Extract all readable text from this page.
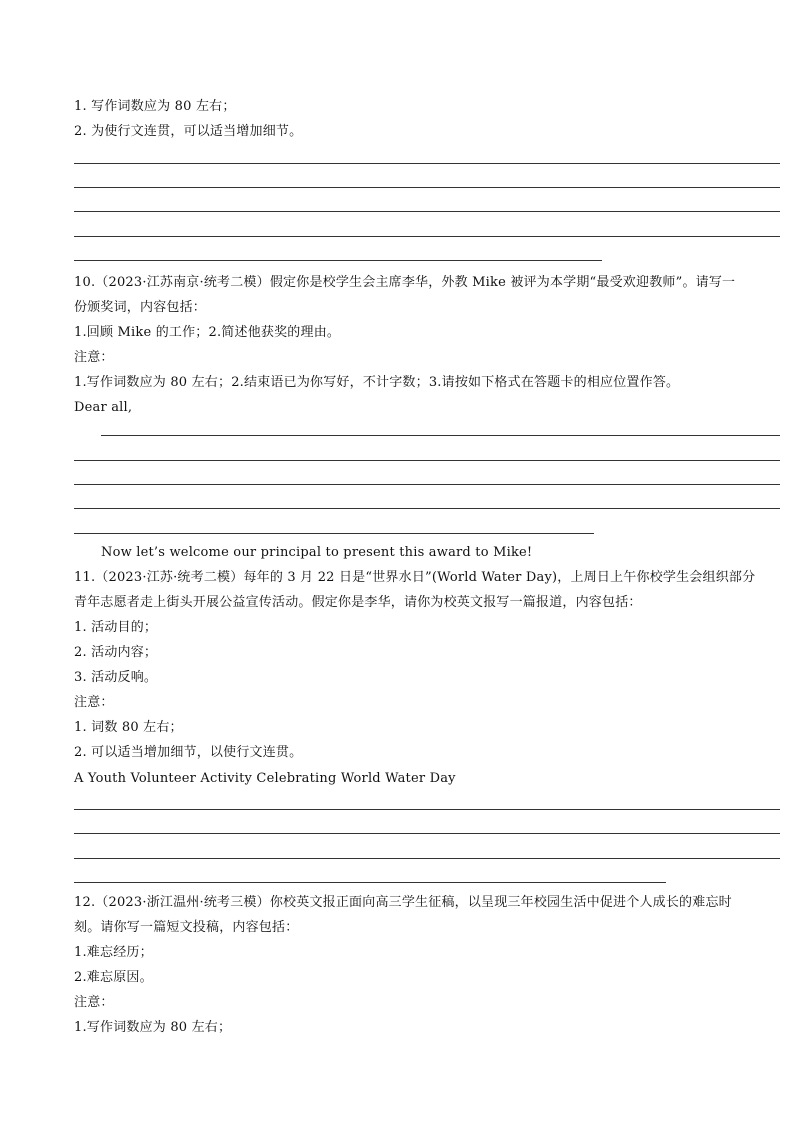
1. 写作词数应为 80 左右；
2. 为使行文连贯，可以适当增加细节。
10.（2023·江苏南京·统考二模）假定你是校学生会主席李华，外教 Mike 被评为本学期“最受欢迎教师”。请写一
份颁奖词，内容包括：
1.回顾 Mike 的工作；2.简述他获奖的理由。
注意：
1.写作词数应为 80 左右；2.结束语已为你写好，不计字数；3.请按如下格式在答题卡的相应位置作答。
Dear all,
Now let’s welcome our principal to present this award to Mike!
11.（2023·江苏·统考二模）每年的 3 月 22 日是“世界水日”(World Water Day)，上周日上午你校学生会组织部分
青年志愿者走上街头开展公益宣传活动。假定你是李华，请你为校英文报写一篇报道，内容包括：
1. 活动目的；
2. 活动内容；
3. 活动反响。
注意：
1. 词数 80 左右；
2. 可以适当增加细节，以使行文连贯。
A Youth Volunteer Activity Celebrating World Water Day
12.（2023·浙江温州·统考三模）你校英文报正面向高三学生征稿，以呈现三年校园生活中促进个人成长的难忘时
刻。请你写一篇短文投稿，内容包括：
1.难忘经历；
2.难忘原因。
注意：
1.写作词数应为 80 左右；
